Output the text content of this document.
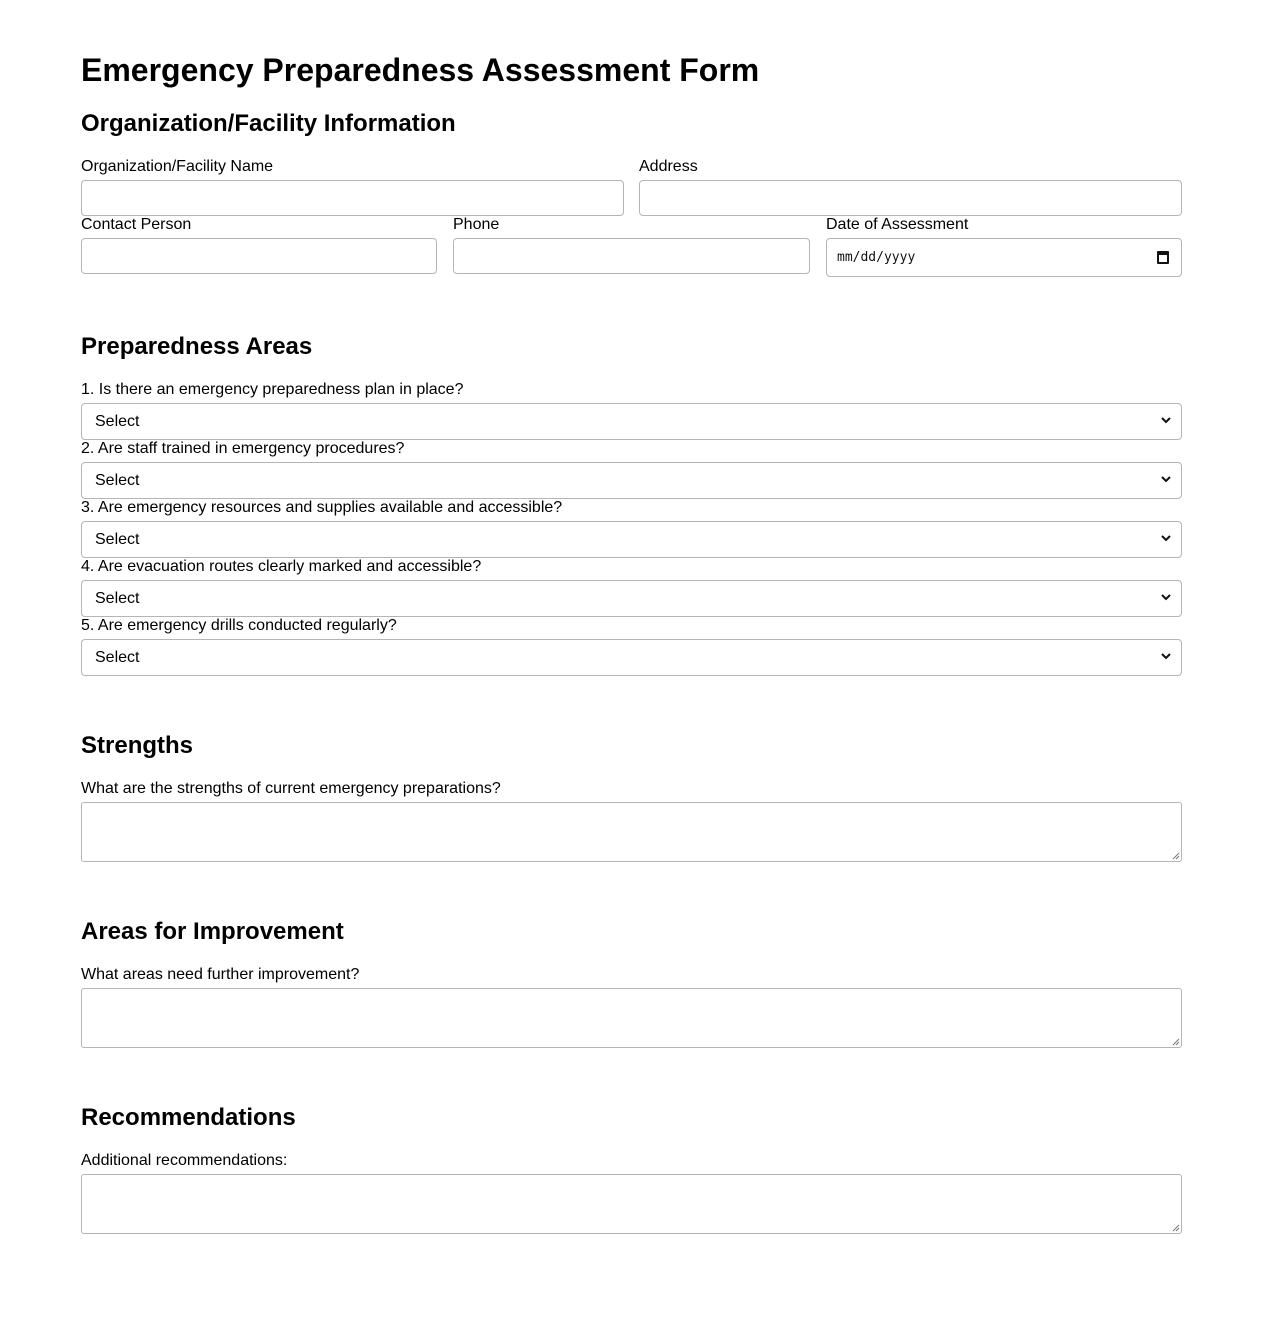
Emergency Preparedness Assessment Form
Organization/Facility Information
Organization/Facility Name	Address
Contact Person	Phone	Date of Assessment
mm/dd/yyyy
Preparedness Areas
1. Is there an emergency preparedness plan in place?
Select
2. Are staff trained in emergency procedures?
Select
3. Are emergency resources and supplies available and accessible?
Select
4. Are evacuation routes clearly marked and accessible?
Select
5. Are emergency drills conducted regularly?
Select
Strengths
What are the strengths of current emergency preparations?
Areas for Improvement
What areas need further improvement?
Recommendations
Additional recommendations:
